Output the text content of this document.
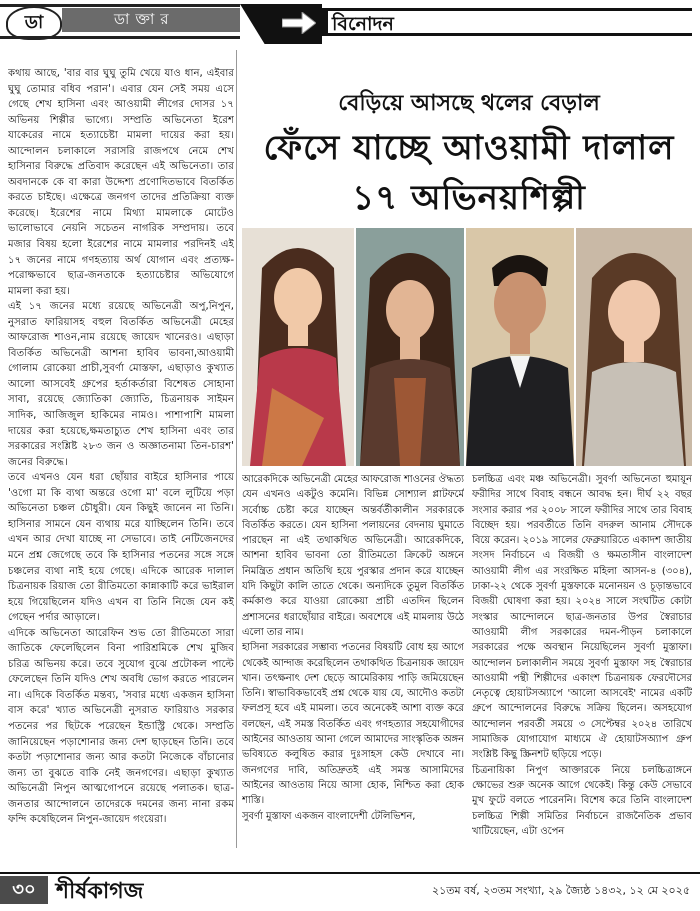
ডা	ডাক্তার	বিনোদন

কথায় আছে, 'বার বার ঘুঘু তুমি খেয়ে যাও ধান, এইবার ঘুঘু তোমার বধিব পরান'। এবার যেন সেই সময় এসে গেছে শেখ হাসিনা এবং আওয়ামী লীগের দোসর ১৭ অভিনয় শিল্পীর ভাগ্যে। সম্প্রতি অভিনেতা ইরেশ যাকেরের নামে হত্যাচেষ্টা মামলা দায়ের করা হয়। আন্দোলন চলাকালে সরাসরি রাজপথে নেমে শেখ হাসিনার বিরুদ্ধে প্রতিবাদ করেছেন এই অভিনেতা। তার অবদানকে কে বা কারা উদ্দেশ্য প্রণোদিতভাবে বিতর্কিত করতে চাইছে। এক্ষেত্রে জনগণ তাদের প্রতিক্রিয়া ব্যক্ত করেছে। ইরেশের নামে মিথ্যা মামলাকে মোটেও ভালোভাবে নেয়নি সচেতন নাগরিক সম্প্রদায়। তবে মজার বিষয় হলো ইরেশের নামে মামলার পরদিনই এই ১৭ জনের নামে গণহত্যায় অর্থ যোগান এবং প্রত্যক্ষ-পরোক্ষভাবে ছাত্র-জনতাকে হত্যাচেষ্টার অভিযোগে মামলা করা হয়।

এই ১৭ জনের মধ্যে রয়েছে অভিনেত্রী অপু,নিপুন, নুসরাত ফারিয়াসহ বহুল বিতর্কিত অভিনেত্রী মেহের আফরোজ শাওন,নাম রয়েছে জায়েদ খানেরও। এছাড়া বিতর্কিত অভিনেত্রী আশনা হাবিব ভাবনা,আওয়ামী গোলাম রোকেয়া প্রাচী,সুবর্ণা মোস্তফা, এছাড়াও কুখ্যাত আলো আসবেই গ্রুপের হর্তাকর্তারা বিশেষত সোহানা সাবা, রয়েছে জ্যোতিকা জ্যোতি, চিত্রনায়ক সাইমন সাদিক, আজিজুল হাকিমের নামও। পাশাপাশি মামলা দায়ের করা হয়েছে,ক্ষমতাচ্যুত শেখ হাসিনা এবং তার সরকারের সংশ্লিষ্ট ২৮৩ জন ও অজ্ঞাতনামা তিন-চারশ' জনের বিরুদ্ধে।

তবে এখনও যেন ধরা ছোঁয়ার বাইরে হাসিনার পায়ে 'ওগো মা কি ব্যথা অন্তরে ওগো মা' বলে লুটিয়ে পড়া অভিনেতা চঞ্চল চৌধুরী। যেন কিছুই জানেন না তিনি। হাসিনার সামনে যেন ব্যথায় মরে যাচ্ছিলেন তিনি। তবে এখন আর দেখা যাচ্ছে না সেভাবে। তাই নেটিজেনদের মনে প্রশ্ন জেগেছে তবে কি হাসিনার পতনের সঙ্গে সঙ্গে চঞ্চলের ব্যথা নাই হয়ে গেছে। এদিকে আরেক দালাল চিত্রনায়ক রিয়াজ তো রীতিমতো কান্নাকাটি করে ভাইরাল হয়ে গিয়েছিলেন যদিও এখন বা তিনি নিজে যেন কই গেছেন পর্দার আড়ালে।

এদিকে অভিনেতা আরেফিন শুভ তো রীতিমতো সারা জাতিকে ফেলেছিলেন বিনা পারিশ্রমিকে শেখ মুজিব চরিত্র অভিনয় করে। তবে সুযোগ বুঝে প্রটোকল পাল্টে ফেলেছেন তিনি যদিও শেখ অবধি ভোগ করতে পারলেন না। এদিকে বিতর্কিত মন্তব্য, 'সবার মধ্যে একজন হাসিনা বাস করে' খ্যাত অভিনেত্রী নুসরাত ফারিয়াও সরকার পতনের পর ছিটকে পরেছেন ইন্ডাস্ট্রি থেকে। সম্প্রতি জানিয়েছেন পড়াশোনার জন্য দেশ ছাড়ছেন তিনি। তবে কতটা পড়াশোনার জন্য আর কতটা নিজেকে বাঁচানোর জন্য তা বুঝতে বাকি নেই জনগণের। এছাড়া কুখ্যাত অভিনেত্রী নিপুন আত্মগোপনে রয়েছে পলাতক। ছাত্র-জনতার আন্দোলনে তাদেরকে দমনের জন্য নানা রকম ফন্দি কষেছিলেন নিপুন-জায়েদ গংয়েরা।

বেড়িয়ে আসছে থলের বেড়াল
ফেঁসে যাচ্ছে আওয়ামী দালাল
১৭ অভিনয়শিল্পী

আরেকদিকে অভিনেত্রী মেহের আফরোজ শাওনের ঔদ্ধত্য যেন এখনও একটুও কমেনি। বিভিন্ন সোশ্যাল প্লাটফর্মে সর্বোচ্চ চেষ্টা করে যাচ্ছেন অন্তর্বর্তীকালীন সরকারকে বিতর্কিত করতে। যেন হাসিনা পলায়নের বেদনায় ঘুমাতে পারছেন না এই তথাকথিত অভিনেত্রী। আরেকদিকে, আশনা হাবিব ভাবনা তো রীতিমতো ক্রিকেট অঙ্গনে নিমন্ত্রিত প্রধান অতিথি হয়ে পুরস্কার প্রদান করে যাচ্ছেন যদি কিছুটা কালি তাতে থেকে। অন্যদিকে তুমুল বিতর্কিত কর্মকাণ্ড করে যাওয়া রোকেয়া প্রাচী এতদিন ছিলেন প্রশাসনের ধরাছোঁয়ার বাইরে। অবশেষে এই মামলায় উঠে এলো তার নাম।

হাসিনা সরকারের সম্ভাব্য পতনের বিষয়টি বোধ হয় আগে থেকেই আন্দাজ করেছিলেন তথাকথিত চিত্রনায়ক জায়েদ খান। তৎক্ষনাৎ দেশ ছেড়ে আমেরিকায় পাড়ি জমিয়েছেন তিনি। স্বাভাবিকভাবেই প্রশ্ন থেকে যায় যে, আদৌও কতটা ফলপ্রসূ হবে এই মামলা। তবে অনেকেই আশা ব্যক্ত করে বলছেন, এই সমস্ত বিতর্কিত এবং গণহত্যার সহযোগীদের আইনের আওতায় আনা গেলে আমাদের সাংস্কৃতিক অঙ্গন ভবিষ্যতে কলুষিত করার দুঃসাহস কেউ দেখাবে না। জনগণের দাবি, অতিদ্রুতই এই সমস্ত আসামিদের আইনের আওতায় নিয়ে আসা হোক, নিশ্চিত করা হোক শাস্তি।

সুবর্ণা মুস্তাফা একজন বাংলাদেশী টেলিভিশন,

চলচ্চিত্র এবং মঞ্চ অভিনেত্রী। সুবর্ণা অভিনেতা হুমায়ূন ফরীদির সাথে বিবাহ বন্ধনে আবদ্ধ হন। দীর্ঘ ২২ বছর সংসার করার পর ২০০৮ সালে ফরীদির সাথে তার বিবাহ বিচ্ছেদ হয়। পরবর্তীতে তিনি বদরুল আনাম সৌদকে বিয়ে করেন। ২০১৯ সালের ফেব্রুয়ারিতে একাদশ জাতীয় সংসদ নির্বাচনে এ বিজয়ী ও ক্ষমতাসীন বাংলাদেশ আওয়ামী লীগ এর সংরক্ষিত মহিলা আসন-৪ (৩০৪), ঢাকা-২২ থেকে সুবর্ণা মুস্তফাকে মনোনয়ন ও চূড়ান্তভাবে বিজয়ী ঘোষণা করা হয়। ২০২৪ সালে সংঘটিত কোটা সংস্কার আন্দোলনে ছাত্র-জনতার উপর স্বৈরাচার আওয়ামী লীগ সরকারের দমন-পীড়ন চলাকালে সরকারের পক্ষে অবস্থান নিয়েছিলেন সুবর্ণা মুস্তাফা। আন্দোলন চলাকালীন সময়ে সুবর্ণা মুস্তাফা সহ স্বৈরাচার আওয়ামী পন্থী শিল্পীদের একাংশ চিত্রনায়ক ফেরদৌসের নেতৃত্বে হোয়াটসঅ্যাপে 'আলো আসবেই' নামের একটি গ্রুপে আন্দোলনের বিরুদ্ধে সক্রিয় ছিলেন। অসহযোগ আন্দোলন পরবর্তী সময়ে ৩ সেপ্টেম্বর ২০২৪ তারিখে সামাজিক যোগাযোগ মাধ্যমে ঐ হোয়াটসঅ্যাপ গ্রুপ সংশ্লিষ্ট কিছু স্ক্রিনশট ছড়িয়ে পড়ে।

চিত্রনায়িকা নিপুণ আক্তারকে নিয়ে চলচ্চিত্রাঙ্গনে ক্ষোভের শুরু অনেক আগে থেকেই। কিন্তু কেউ সেভাবে মুখ ফুটে বলতে পারেননি। বিশেষ করে তিনি বাংলাদেশ চলচ্চিত্র শিল্পী সমিতির নির্বাচনে রাজনৈতিক প্রভাব খাটিয়েছেন, এটা ওপেন

৩০ শীর্ষকাগজ	২১তম বর্ষ, ২৩তম সংখ্যা, ২৯ জ্যৈষ্ঠ ১৪৩২, ১২ মে ২০২৫
